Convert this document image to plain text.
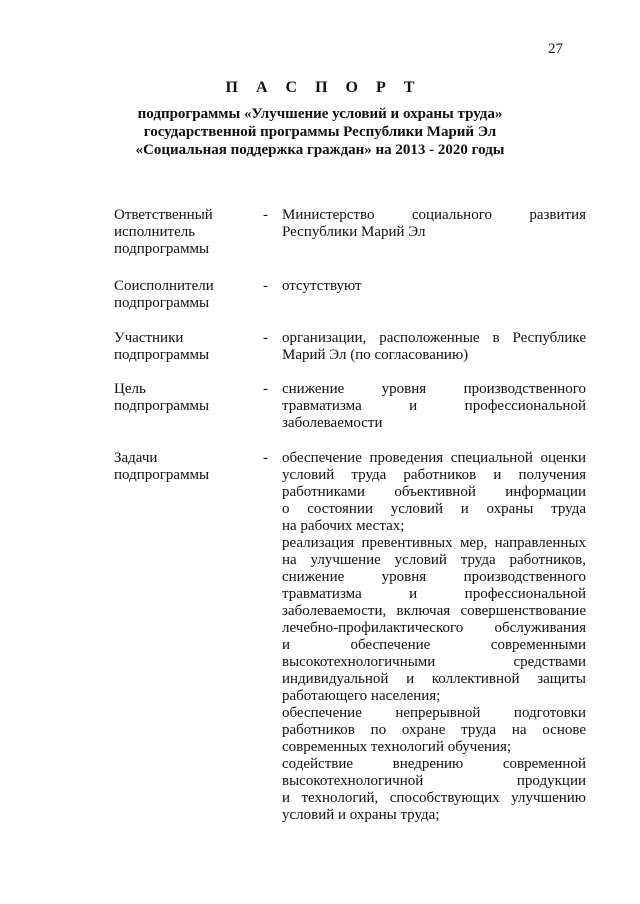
27
П А С П О Р Т
подпрограммы «Улучшение условий и охраны труда»
государственной программы Республики Марий Эл
«Социальная поддержка граждан» на 2013 - 2020 годы
Ответственный
исполнитель
подпрограммы
- Министерство социального развития
Республики Марий Эл
Соисполнители
подпрограммы
- отсутствуют
Участники
подпрограммы
- организации, расположенные в Республике
Марий Эл (по согласованию)
Цель
подпрограммы
- снижение уровня производственного
травматизма и профессиональной
заболеваемости
Задачи
подпрограммы
- обеспечение проведения специальной оценки
условий труда работников и получения
работниками объективной информации
о состоянии условий и охраны труда
на рабочих местах;
реализация превентивных мер, направленных
на улучшение условий труда работников,
снижение уровня производственного
травматизма и профессиональной
заболеваемости, включая совершенствование
лечебно-профилактического обслуживания
и обеспечение современными
высокотехнологичными средствами
индивидуальной и коллективной защиты
работающего населения;
обеспечение непрерывной подготовки
работников по охране труда на основе
современных технологий обучения;
содействие внедрению современной
высокотехнологичной продукции
и технологий, способствующих улучшению
условий и охраны труда;
